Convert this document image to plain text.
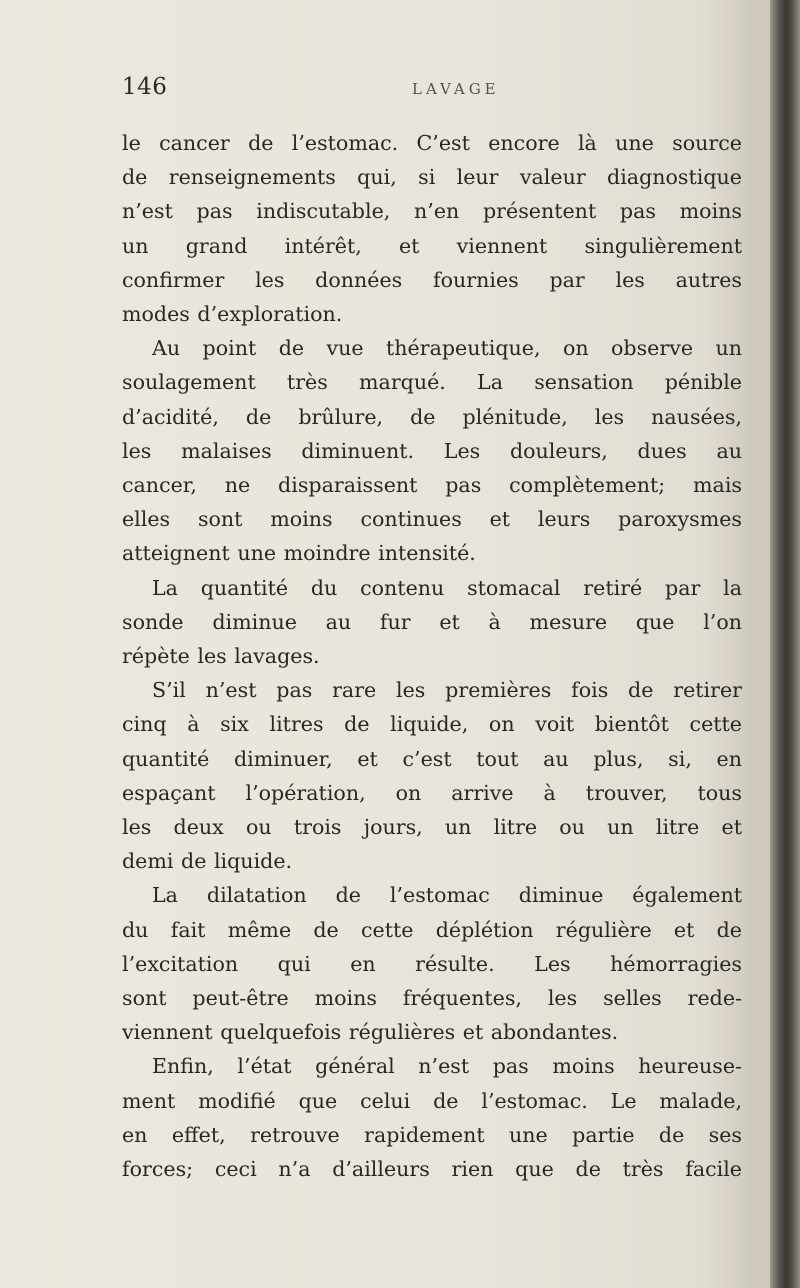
146	LAVAGE

le cancer de l’estomac. C’est encore là une source

de renseignements qui, si leur valeur diagnostique

n’est pas indiscutable, n’en présentent pas moins

un grand intérêt, et viennent singulièrement

confirmer les données fournies par les autres

modes d’exploration.

Au point de vue thérapeutique, on observe un

soulagement très marqué. La sensation pénible

d’acidité, de brûlure, de plénitude, les nausées,

les malaises diminuent. Les douleurs, dues au

cancer, ne disparaissent pas complètement; mais

elles sont moins continues et leurs paroxysmes

atteignent une moindre intensité.

La quantité du contenu stomacal retiré par la

sonde diminue au fur et à mesure que l’on

répète les lavages.

S’il n’est pas rare les premières fois de retirer

cinq à six litres de liquide, on voit bientôt cette

quantité diminuer, et c’est tout au plus, si, en

espaçant l’opération, on arrive à trouver, tous

les deux ou trois jours, un litre ou un litre et

demi de liquide.

La dilatation de l’estomac diminue également

du fait même de cette déplétion régulière et de

l’excitation qui en résulte. Les hémorragies

sont peut-être moins fréquentes, les selles rede-

viennent quelquefois régulières et abondantes.

Enfin, l’état général n’est pas moins heureuse-

ment modifié que celui de l’estomac. Le malade,

en effet, retrouve rapidement une partie de ses

forces; ceci n’a d’ailleurs rien que de très facile
